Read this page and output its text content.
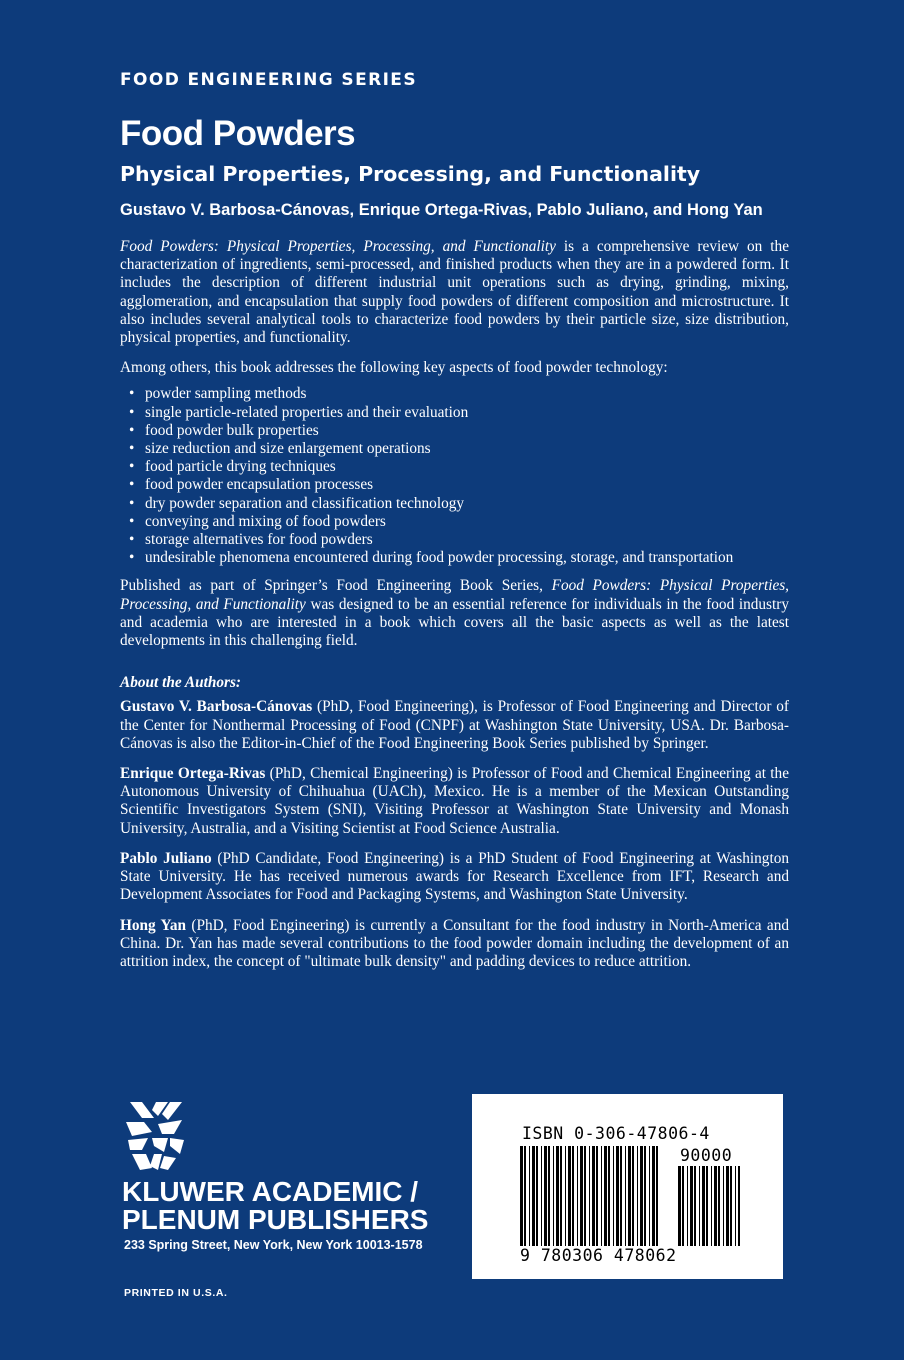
FOOD ENGINEERING SERIES
Food Powders
Physical Properties, Processing, and Functionality
Gustavo V. Barbosa-Cánovas, Enrique Ortega-Rivas, Pablo Juliano, and Hong Yan

Food Powders: Physical Properties, Processing, and Functionality is a comprehensive review on the characterization of ingredients, semi-processed, and finished products when they are in a powdered form. It includes the description of different industrial unit operations such as drying, grinding, mixing, agglomeration, and encapsulation that supply food powders of different composition and microstructure. It also includes several analytical tools to characterize food powders by their particle size, size distribution, physical properties, and functionality.

Among others, this book addresses the following key aspects of food powder technology:

• powder sampling methods
• single particle-related properties and their evaluation
• food powder bulk properties
• size reduction and size enlargement operations
• food particle drying techniques
• food powder encapsulation processes
• dry powder separation and classification technology
• conveying and mixing of food powders
• storage alternatives for food powders
• undesirable phenomena encountered during food powder processing, storage, and transportation

Published as part of Springer’s Food Engineering Book Series, Food Powders: Physical Properties, Processing, and Functionality was designed to be an essential reference for individuals in the food industry and academia who are interested in a book which covers all the basic aspects as well as the latest developments in this challenging field.

About the Authors:

Gustavo V. Barbosa-Cánovas (PhD, Food Engineering), is Professor of Food Engineering and Director of the Center for Nonthermal Processing of Food (CNPF) at Washington State University, USA. Dr. Barbosa-Cánovas is also the Editor-in-Chief of the Food Engineering Book Series published by Springer.

Enrique Ortega-Rivas (PhD, Chemical Engineering) is Professor of Food and Chemical Engineering at the Autonomous University of Chihuahua (UACh), Mexico. He is a member of the Mexican Outstanding Scientific Investigators System (SNI), Visiting Professor at Washington State University and Monash University, Australia, and a Visiting Scientist at Food Science Australia.

Pablo Juliano (PhD Candidate, Food Engineering) is a PhD Student of Food Engineering at Washington State University. He has received numerous awards for Research Excellence from IFT, Research and Development Associates for Food and Packaging Systems, and Washington State University.

Hong Yan (PhD, Food Engineering) is currently a Consultant for the food industry in North-America and China. Dr. Yan has made several contributions to the food powder domain including the development of an attrition index, the concept of "ultimate bulk density" and padding devices to reduce attrition.

KLUWER ACADEMIC /
PLENUM PUBLISHERS
233 Spring Street, New York, New York 10013-1578
PRINTED IN U.S.A.
ISBN 0-306-47806-4
90000
9 780306 478062
